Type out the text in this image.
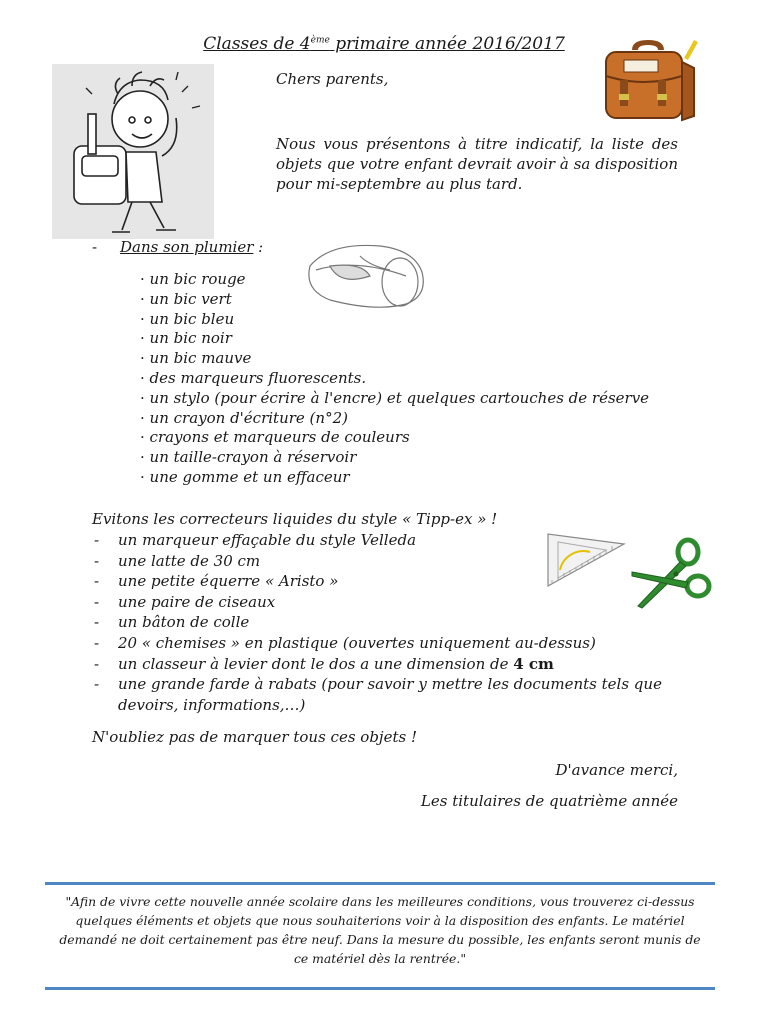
Classes de 4ème primaire année 2016/2017
Chers parents,
Nous vous présentons à titre indicatif, la liste des objets que votre enfant devrait avoir à sa disposition pour mi-septembre au plus tard.
- Dans son plumier :
· un bic rouge
· un bic vert
· un bic bleu
· un bic noir
· un bic mauve
· des marqueurs fluorescents.
· un stylo (pour écrire à l'encre) et quelques cartouches de réserve
· un crayon d'écriture (n°2)
· crayons et marqueurs de couleurs
· un taille-crayon à réservoir
· une gomme et un effaceur
Evitons les correcteurs liquides du style « Tipp-ex » !
- un marqueur effaçable du style Velleda
- une latte de 30 cm
- une petite équerre « Aristo »
- une paire de ciseaux
- un bâton de colle
- 20 « chemises » en plastique (ouvertes uniquement au-dessus)
- un classeur à levier dont le dos a une dimension de 4 cm
- une grande farde à rabats (pour savoir y mettre les documents tels que devoirs, informations,…)
N'oubliez pas de marquer tous ces objets !
D'avance merci,
Les titulaires de quatrième année
"Afin de vivre cette nouvelle année scolaire dans les meilleures conditions, vous trouverez ci-dessus quelques éléments et objets que nous souhaiterions voir à la disposition des enfants. Le matériel demandé ne doit certainement pas être neuf. Dans la mesure du possible, les enfants seront munis de ce matériel dès la rentrée."
